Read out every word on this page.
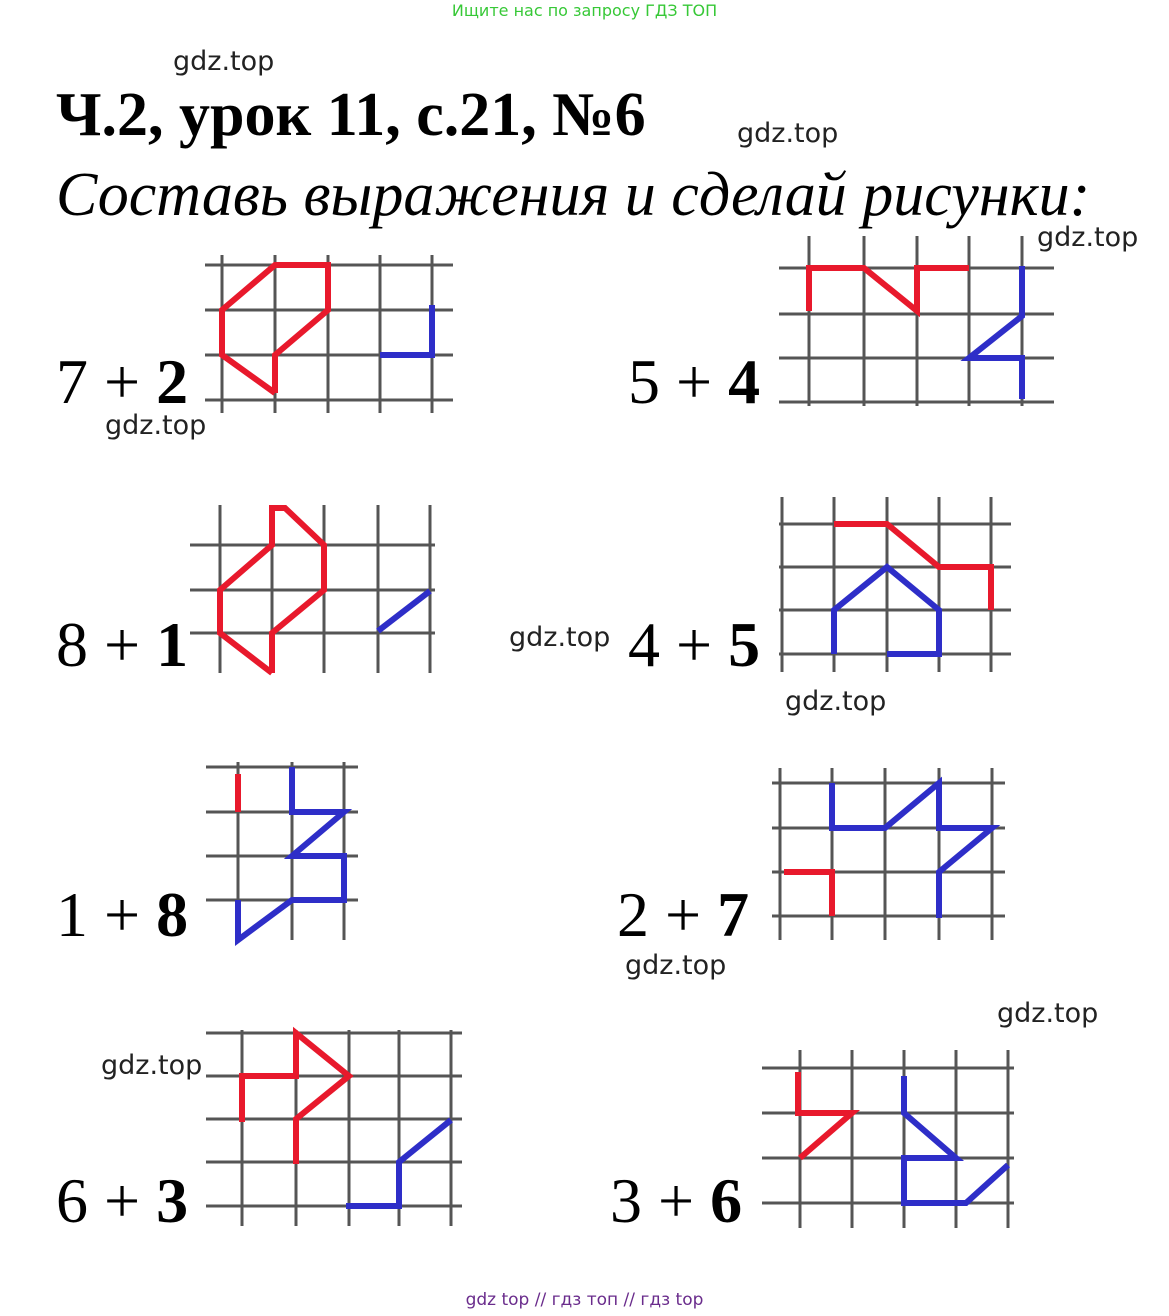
Ищите нас по запросу ГДЗ ТОП
gdz.top
gdz.top
gdz.top
gdz.top
gdz.top
gdz.top
gdz.top
gdz.top
gdz.top
Ч.2, урок 11, с.21, №6
Составь выражения и сделай рисунки:
7 + 2	5 + 4
8 + 1	4 + 5
1 + 8	2 + 7
6 + 3	3 + 6
gdz top // гдз топ // гдз top
